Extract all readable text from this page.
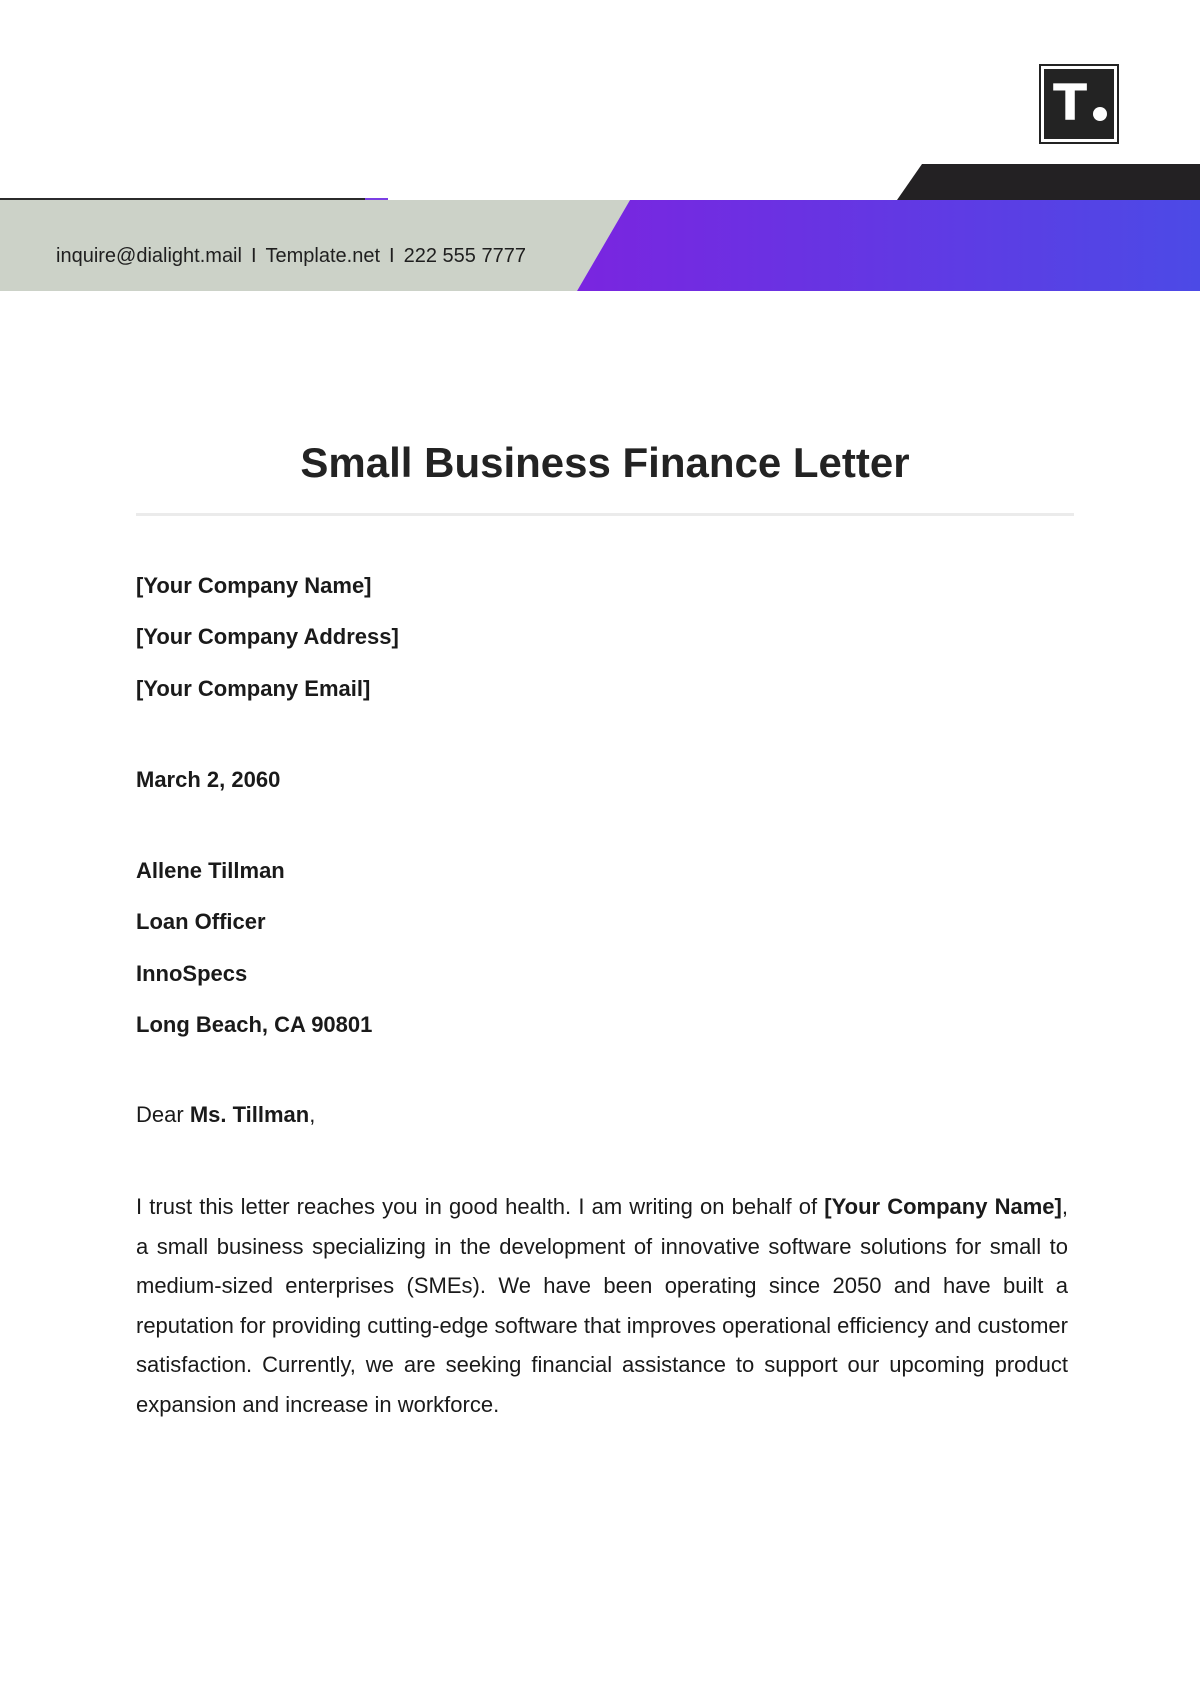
T
inquire@dialight.mail I Template.net I 222 555 7777
Small Business Finance Letter
[Your Company Name]
[Your Company Address]
[Your Company Email]
March 2, 2060
Allene Tillman
Loan Officer
InnoSpecs
Long Beach, CA 90801
Dear Ms. Tillman,

I trust this letter reaches you in good health. I am writing on behalf of [Your Company Name], a small business specializing in the development of innovative software solutions for small to medium-sized enterprises (SMEs). We have been operating since 2050 and have built a reputation for providing cutting-edge software that improves operational efficiency and customer satisfaction. Currently, we are seeking financial assistance to support our upcoming product expansion and increase in workforce.
